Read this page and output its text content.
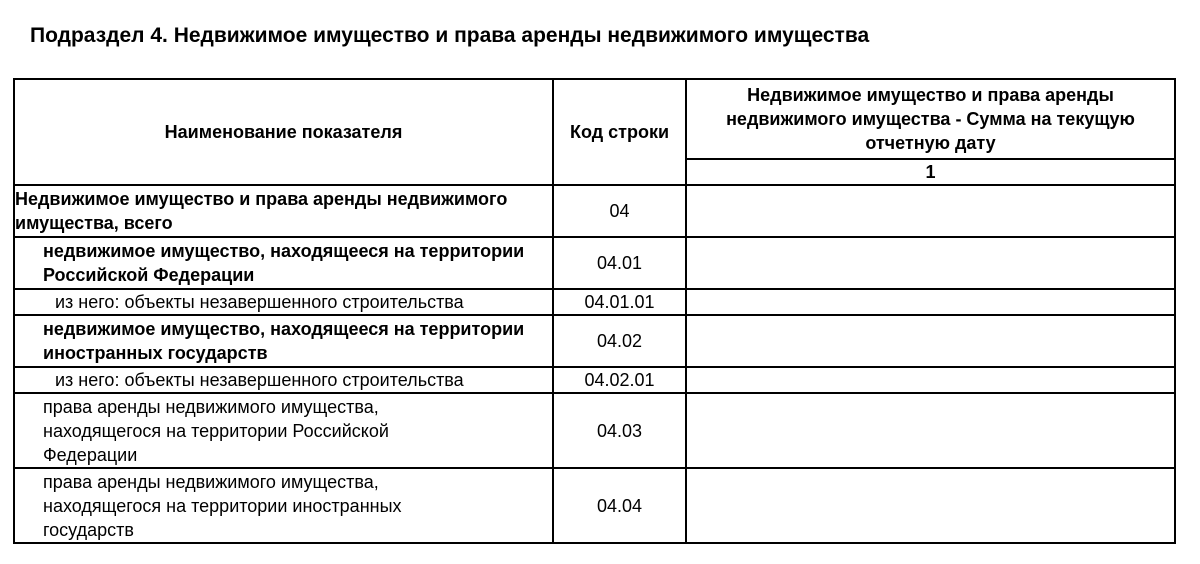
Подраздел 4. Недвижимое имущество и права аренды недвижимого имущества
Наименование показателя	Код строки	Недвижимое имущество и права аренды недвижимого имущества - Сумма на текущую отчетную дату
		1
Недвижимое имущество и права аренды недвижимого имущества, всего	04	
недвижимое имущество, находящееся на территории Российской Федерации	04.01	
из него: объекты незавершенного строительства	04.01.01	
недвижимое имущество, находящееся на территории иностранных государств	04.02	
из него: объекты незавершенного строительства	04.02.01	
права аренды недвижимого имущества, находящегося на территории Российской Федерации	04.03	
права аренды недвижимого имущества, находящегося на территории иностранных государств	04.04	
